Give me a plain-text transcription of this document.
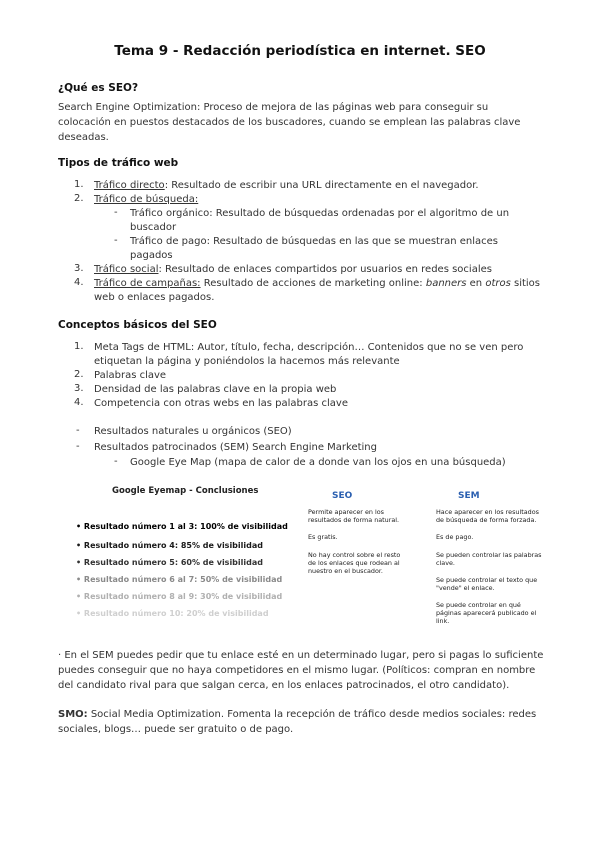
Tema 9 - Redacción periodística en internet. SEO
¿Qué es SEO?
Search Engine Optimization: Proceso de mejora de las páginas web para conseguir su
colocación en puestos destacados de los buscadores, cuando se emplean las palabras clave
deseadas.
Tipos de tráfico web
1. Tráfico directo: Resultado de escribir una URL directamente en el navegador.
2. Tráfico de búsqueda:
- Tráfico orgánico: Resultado de búsquedas ordenadas por el algoritmo de un
buscador
- Tráfico de pago: Resultado de búsquedas en las que se muestran enlaces
pagados
3. Tráfico social: Resultado de enlaces compartidos por usuarios en redes sociales
4. Tráfico de campañas: Resultado de acciones de marketing online: banners en otros sitios
web o enlaces pagados.
Conceptos básicos del SEO
1. Meta Tags de HTML: Autor, título, fecha, descripción… Contenidos que no se ven pero
etiquetan la página y poniéndolos la hacemos más relevante
2. Palabras clave
3. Densidad de las palabras clave en la propia web
4. Competencia con otras webs en las palabras clave
- Resultados naturales u orgánicos (SEO)
- Resultados patrocinados (SEM) Search Engine Marketing
- Google Eye Map (mapa de calor de a donde van los ojos en una búsqueda)
Google Eyemap - Conclusiones
• Resultado número 1 al 3: 100% de visibilidad
• Resultado número 4: 85% de visibilidad
• Resultado número 5: 60% de visibilidad
• Resultado número 6 al 7: 50% de visibilidad
• Resultado número 8 al 9: 30% de visibilidad
• Resultado número 10: 20% de visibilidad
SEO	SEM
Permite aparecer en los
resultados de forma natural.
Es gratis.
No hay control sobre el resto
de los enlaces que rodean al
nuestro en el buscador.
Hace aparecer en los resultados
de búsqueda de forma forzada.
Es de pago.
Se pueden controlar las palabras
clave.
Se puede controlar el texto que
"vende" el enlace.
Se puede controlar en qué
páginas aparecerá publicado el
link.
· En el SEM puedes pedir que tu enlace esté en un determinado lugar, pero si pagas lo suficiente
puedes conseguir que no haya competidores en el mismo lugar. (Políticos: compran en nombre
del candidato rival para que salgan cerca, en los enlaces patrocinados, el otro candidato).
SMO: Social Media Optimization. Fomenta la recepción de tráfico desde medios sociales: redes
sociales, blogs… puede ser gratuito o de pago.
